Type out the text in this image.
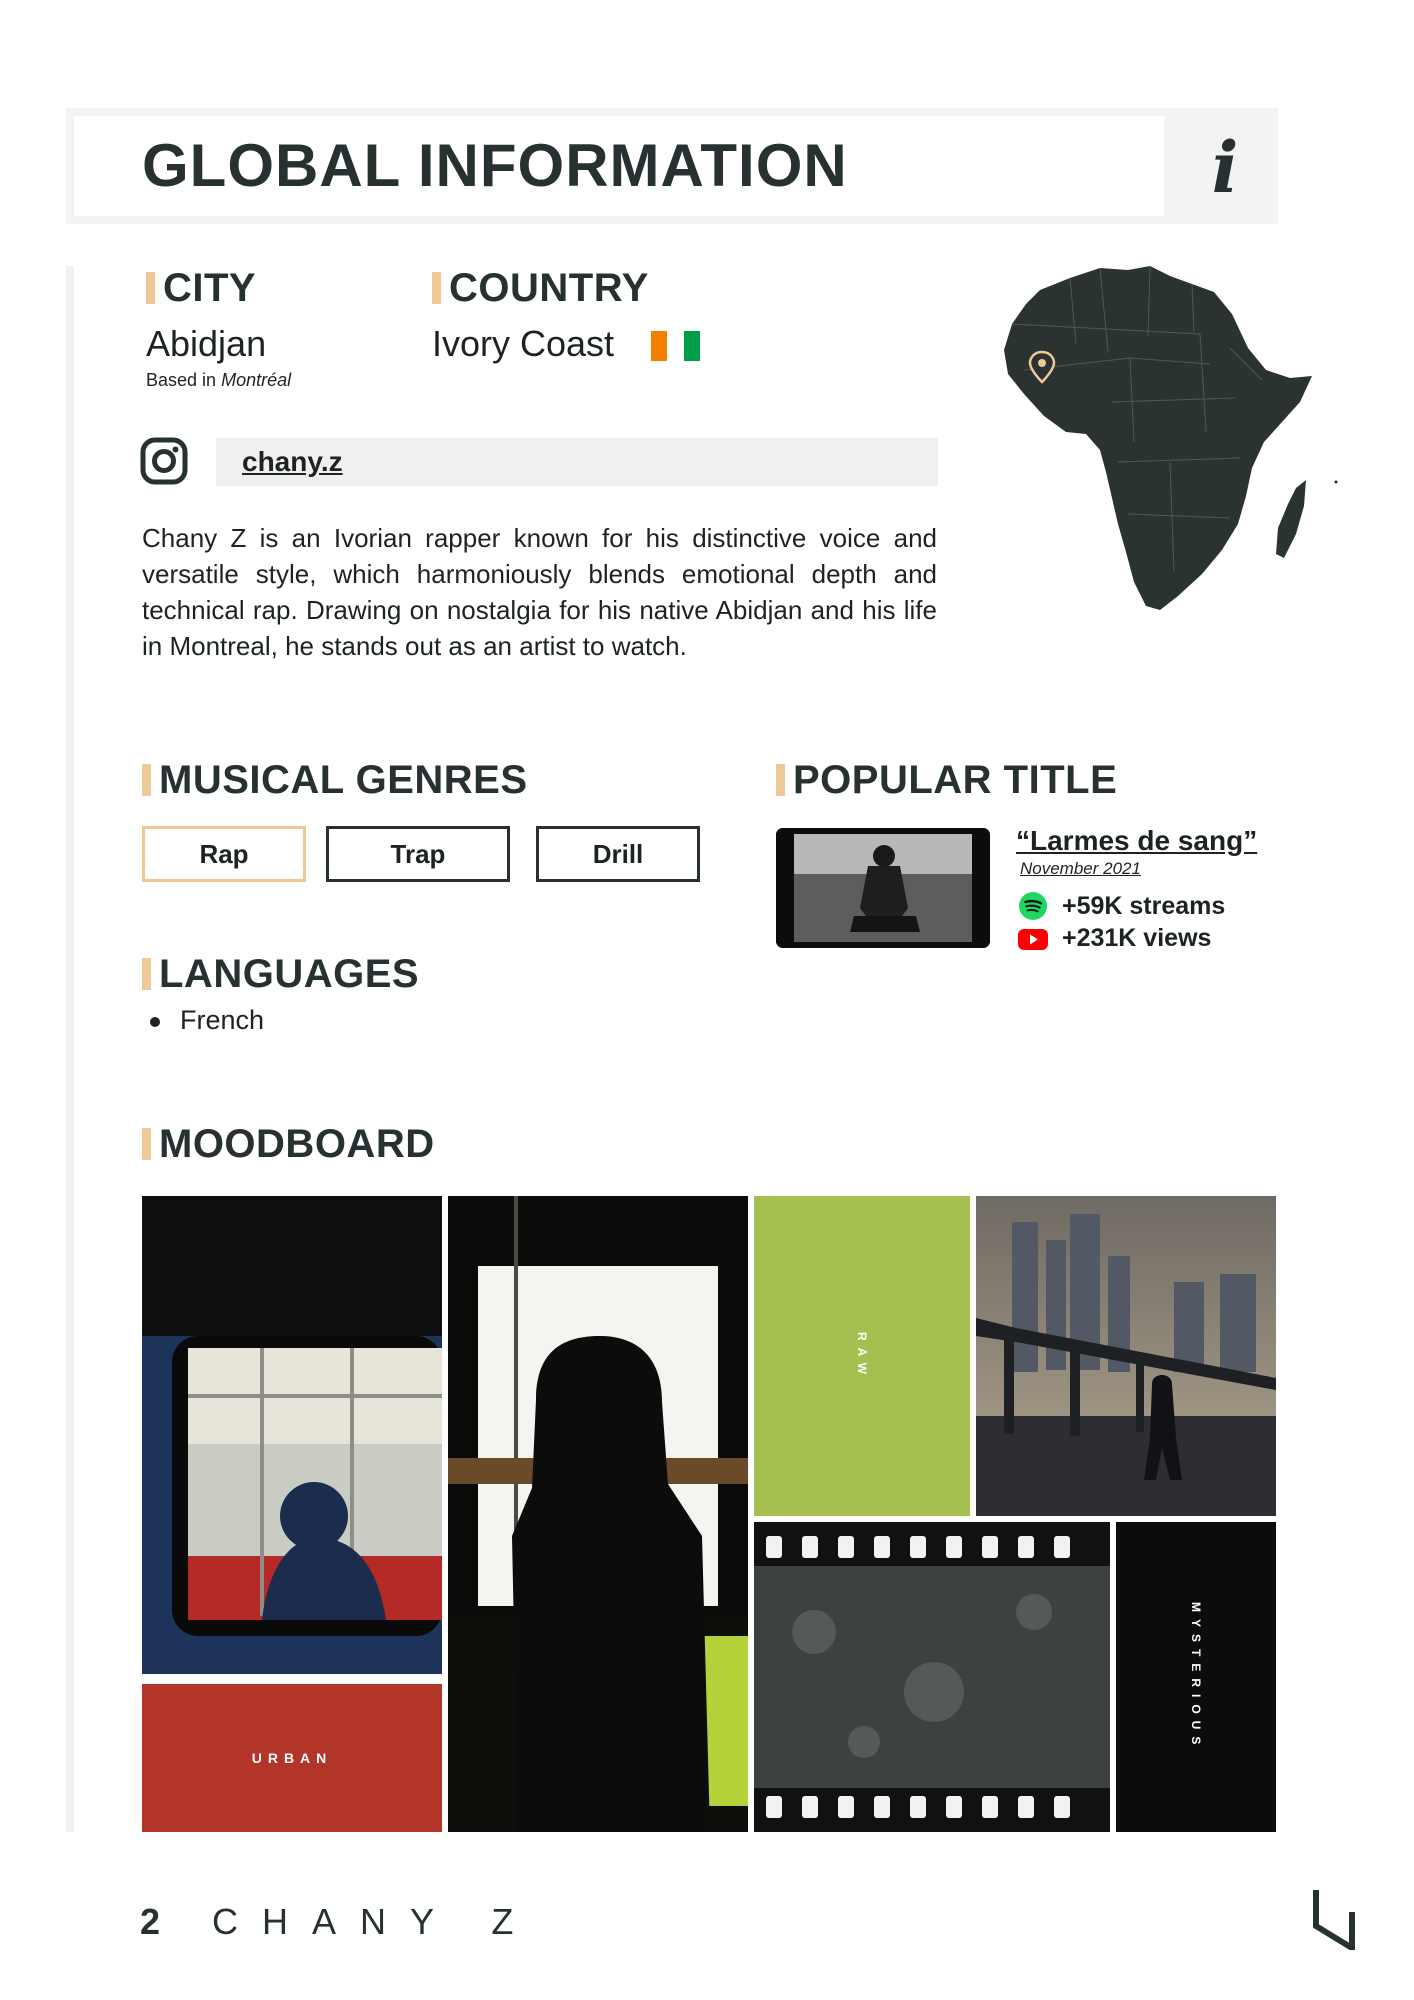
GLOBAL INFORMATION	i
CITY
Abidjan
Based in Montréal
COUNTRY
Ivory Coast
chany.z
Chany Z is an Ivorian rapper known for his distinctive voice and versatile style, which harmoniously blends emotional depth and technical rap. Drawing on nostalgia for his native Abidjan and his life in Montreal, he stands out as an artist to watch.
MUSICAL GENRES
Rap	Trap	Drill
POPULAR TITLE
“Larmes de sang”
November 2021
+59K streams
+231K views
LANGUAGES
French
MOODBOARD
URBAN
RAW
MYSTERIOUS
2 CHANY Z
